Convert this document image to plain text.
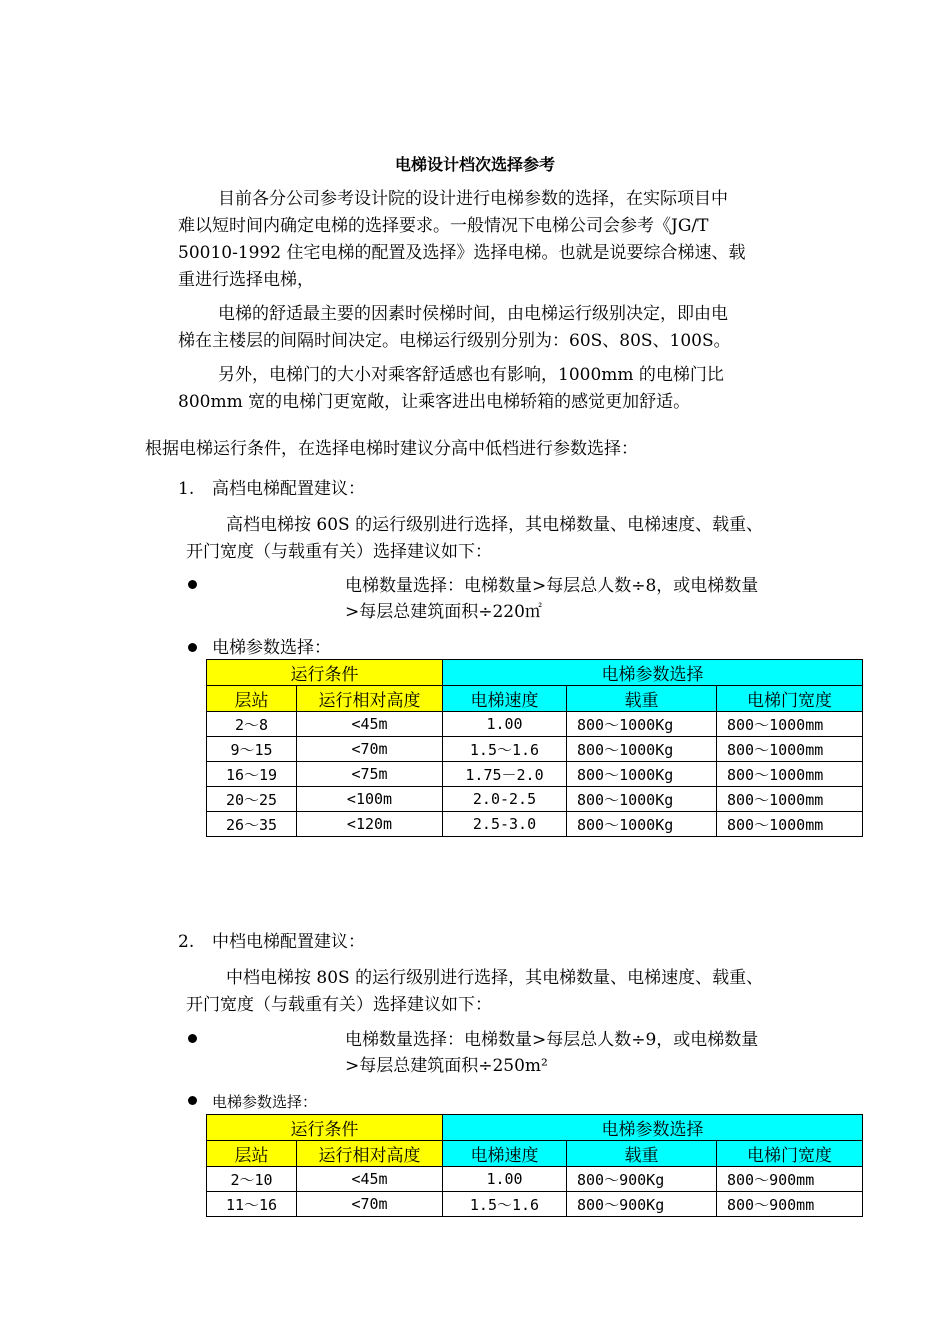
电梯设计档次选择参考
目前各分公司参考设计院的设计进行电梯参数的选择，在实际项目中
难以短时间内确定电梯的选择要求。一般情况下电梯公司会参考《JG/T
50010-1992 住宅电梯的配置及选择》选择电梯。也就是说要综合梯速、载
重进行选择电梯，
电梯的舒适最主要的因素时侯梯时间，由电梯运行级别决定，即由电
梯在主楼层的间隔时间决定。电梯运行级别分别为：60S、80S、100S。
另外，电梯门的大小对乘客舒适感也有影响，1000mm 的电梯门比
800mm 宽的电梯门更宽敞，让乘客进出电梯轿箱的感觉更加舒适。
根据电梯运行条件，在选择电梯时建议分高中低档进行参数选择：
1. 高档电梯配置建议：
高档电梯按 60S 的运行级别进行选择，其电梯数量、电梯速度、载重、
开门宽度（与载重有关）选择建议如下：
电梯数量选择：电梯数量>每层总人数÷8，或电梯数量
>每层总建筑面积÷220㎡
电梯参数选择：
运行条件		电梯参数选择		
层站	运行相对高度	电梯速度	载重	电梯门宽度
2～8	<45m	1.00	800～1000Kg	800～1000mm
9～15	<70m	1.5～1.6	800～1000Kg	800～1000mm
16～19	<75m	1.75－2.0	800～1000Kg	800～1000mm
20～25	<100m	2.0-2.5	800～1000Kg	800～1000mm
26～35	<120m	2.5-3.0	800～1000Kg	800～1000mm
2. 中档电梯配置建议：
中档电梯按 80S 的运行级别进行选择，其电梯数量、电梯速度、载重、
开门宽度（与载重有关）选择建议如下：
电梯数量选择：电梯数量>每层总人数÷9，或电梯数量
>每层总建筑面积÷250m²
电梯参数选择：
运行条件		电梯参数选择		
层站	运行相对高度	电梯速度	载重	电梯门宽度
2～10	<45m	1.00	800～900Kg	800～900mm
11～16	<70m	1.5～1.6	800～900Kg	800～900mm
